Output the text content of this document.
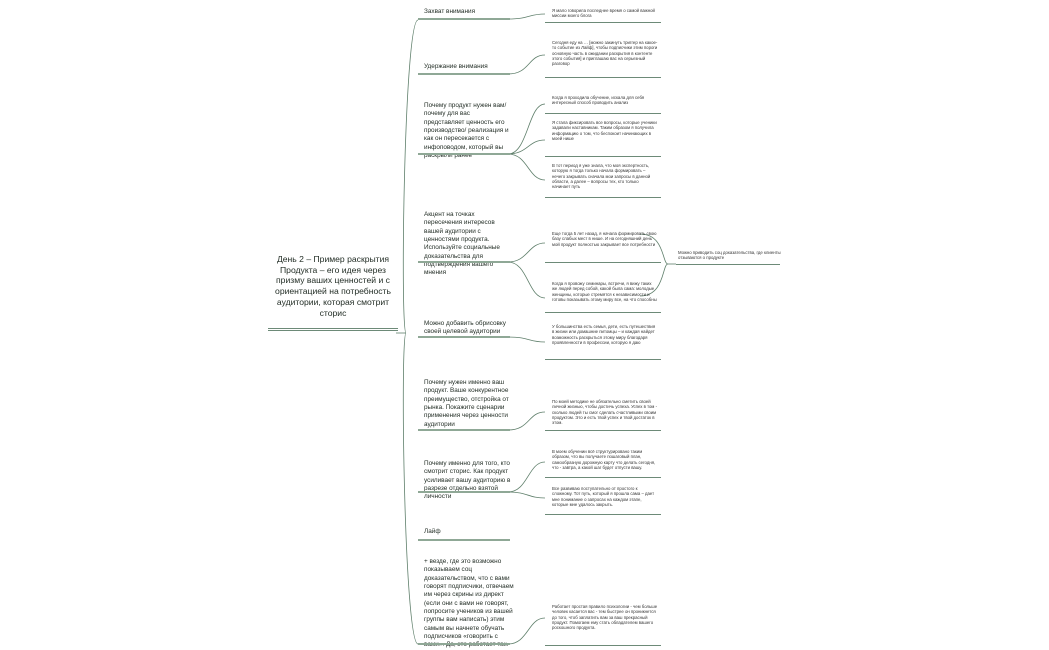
День 2 – Пример раскрытия Продукта – его идея через призму ваших ценностей и с ориентацией на потребность аудитории, которая смотрит сторис
Захват внимания
Удержание внимания
Почему продукт нужен вам/ почему для вас представляет ценность его производство/ реализация и как он пересекается с инфоповодом, который вы раскрыли ранее
Акцент на точках пересечения интересов вашей аудитории с ценностями продукта. Используйте социальные доказательства для подтверждения вашего мнения
Можно добавить обрисовку своей целевой аудитории
Почему нужен именно ваш продукт. Ваше конкурентное преимущество, отстройка от рынка. Покажите сценарии применения через ценности аудитории
Почему именно для того, кто смотрит сторис. Как продукт усиливает вашу аудиторию в разрезе отдельно взятой личности
Лайф
+ везде, где это возможно показываем соц доказательством, что с вами говорят подписчики, отвечаем им через скрины из директ (если они с вами не говорят, попросите учеников из вашей группы вам написать) этим самым вы начнете обучать подписчиков «говорить с вами». Да, это работает так.
Я мало говорила последнее время о самой важной миссии моего блога
Сегодня еду на … [можно закинуть триггер на какое-то событие из Лайф], чтобы подписчики этим пороги основную часть в ожидании раскрытия в контенте этого события] и приглашаю вас на серьезный разговор
Когда я проходила обучение, искала для себя интересный способ проводить анализ
Я стала фиксировать все вопросы, которые ученики задавали наставникам. Таким образом я получила информацию о том, что беспокоит начинающих в моей нише
В тот период я уже знала, что моя экспертность, которую я тогда только начала формировать – нечего закрывать сначала мои запросы в данной области, а далее – вопросы тех, кто только начинает путь
Еще тогда 5 лет назад, я начала формировать свою базу слабых мест в нише. И на сегодняшний день мой продукт полностью закрывает все потребности
Когда я провожу семинары, встречи, я вижу таких же людей перед собой, какой была сама: молодые женщины, которые стремятся к независимости и готовы показывать этому миру все, на что способны
У большинства есть семья, дети, есть путешествия в жизни или домашние питомцы – и каждая найдет возможность раскрыться этому миру благодаря проявленности в профессии, которую я даю
По моей методике не обязательно сметить своей личной жизнью, чтобы достичь успеха. Успех в том - сколько людей ты смог сделать счастливыми своим продуктом. Это и есть твой успех и твой достаток в этом.
В моем обучении всё структурировано таким образом, что вы получаете пошаговый план, самообразную дорожную карту что делать сегодня, что - завтра, а какой шаг будет отпусти вашу.
Все развиваю поступательно от простого к сложному. Тот путь, который я прошла сама – дает мне понимание о запросах на каждом этапе, которые мне удалось закрыть.
Работает простая правило психологии - чем больше человек касается вас - тем быстрее он проникнется до того, чтоб заплатить вам за ваш прекрасный продукт. Помогаем ему стать обладателем вашего роскошного продукта.
Можно приводить соц доказательства, где клиенты отзываются о продукте
